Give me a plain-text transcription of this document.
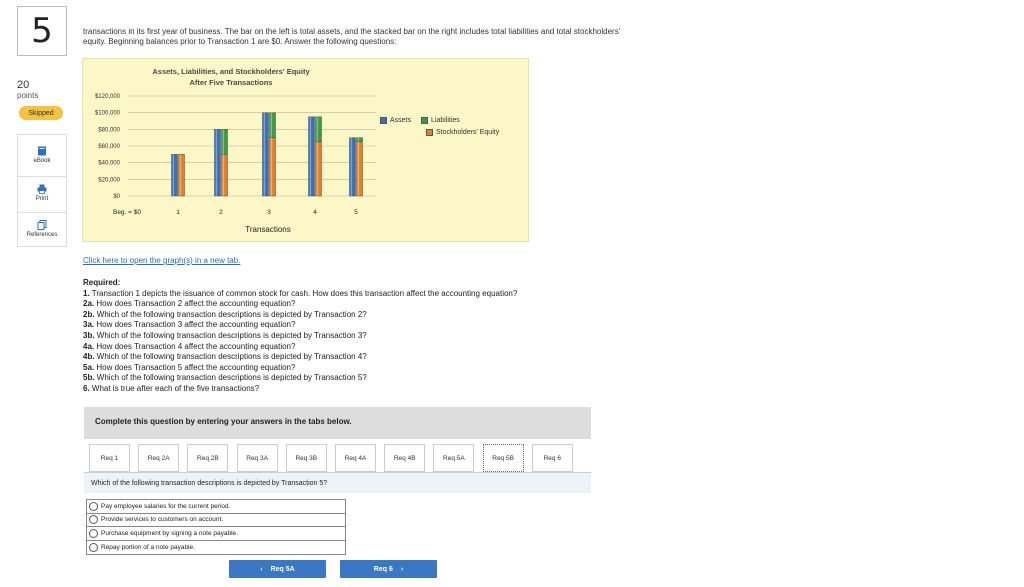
5
20
points
Skipped
eBook
Print
References
transactions in its first year of business. The bar on the left is total assets, and the stacked bar on the right includes total liabilities and total stockholders' equity. Beginning balances prior to Transaction 1 are $0. Answer the following questions:
Assets, Liabilities, and Stockholders' Equity
After Five Transactions
$0
$20,000
$40,000
$60,000
$80,000
$100,000
$120,000
Beg. = $0	1	2	3	4	5
Transactions
Assets	Liabilities
Stockholders' Equity
Click here to open the graph(s) in a new tab.
Required:
1. Transaction 1 depicts the issuance of common stock for cash. How does this transaction affect the accounting equation?
2a. How does Transaction 2 affect the accounting equation?
2b. Which of the following transaction descriptions is depicted by Transaction 2?
3a. How does Transaction 3 affect the accounting equation?
3b. Which of the following transaction descriptions is depicted by Transaction 3?
4a. How does Transaction 4 affect the accounting equation?
4b. Which of the following transaction descriptions is depicted by Transaction 4?
5a. How does Transaction 5 affect the accounting equation?
5b. Which of the following transaction descriptions is depicted by Transaction 5?
6. What is true after each of the five transactions?
Complete this question by entering your answers in the tabs below.
Req 1	Req 2A	Req 2B	Req 3A	Req 3B	Req 4A	Req 4B	Req 5A	Req 5B	Req 6
Which of the following transaction descriptions is depicted by Transaction 5?
Pay employee salaries for the current period.
Provide services to customers on account.
Purchase equipment by signing a note payable.
Repay portion of a note payable.
‹ Req 5A	Req 6 ›
